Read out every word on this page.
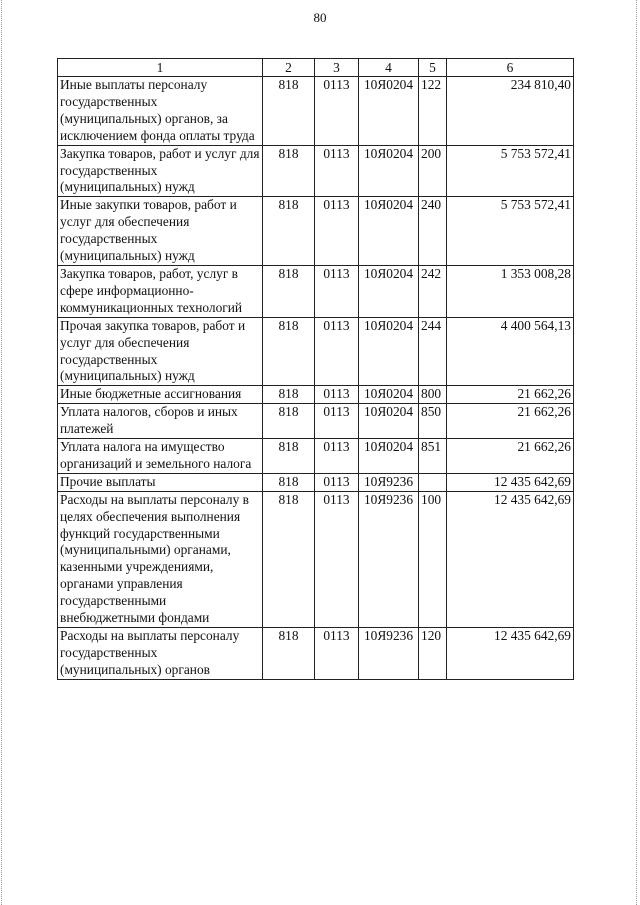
80
1	2	3	4	5	6
Иные выплаты персоналу государственных (муниципальных) органов, за исключением фонда оплаты труда	818	0113	10Я0204	122	234 810,40
Закупка товаров, работ и услуг для государственных (муниципальных) нужд	818	0113	10Я0204	200	5 753 572,41
Иные закупки товаров, работ и услуг для обеспечения государственных (муниципальных) нужд	818	0113	10Я0204	240	5 753 572,41
Закупка товаров, работ, услуг в сфере информационно-коммуникационных технологий	818	0113	10Я0204	242	1 353 008,28
Прочая закупка товаров, работ и услуг для обеспечения государственных (муниципальных) нужд	818	0113	10Я0204	244	4 400 564,13
Иные бюджетные ассигнования	818	0113	10Я0204	800	21 662,26
Уплата налогов, сборов и иных платежей	818	0113	10Я0204	850	21 662,26
Уплата налога на имущество организаций и земельного налога	818	0113	10Я0204	851	21 662,26
Прочие выплаты	818	0113	10Я9236		12 435 642,69
Расходы на выплаты персоналу в целях обеспечения выполнения функций государственными (муниципальными) органами, казенными учреждениями, органами управления государственными внебюджетными фондами	818	0113	10Я9236	100	12 435 642,69
Расходы на выплаты персоналу государственных (муниципальных) органов	818	0113	10Я9236	120	12 435 642,69
